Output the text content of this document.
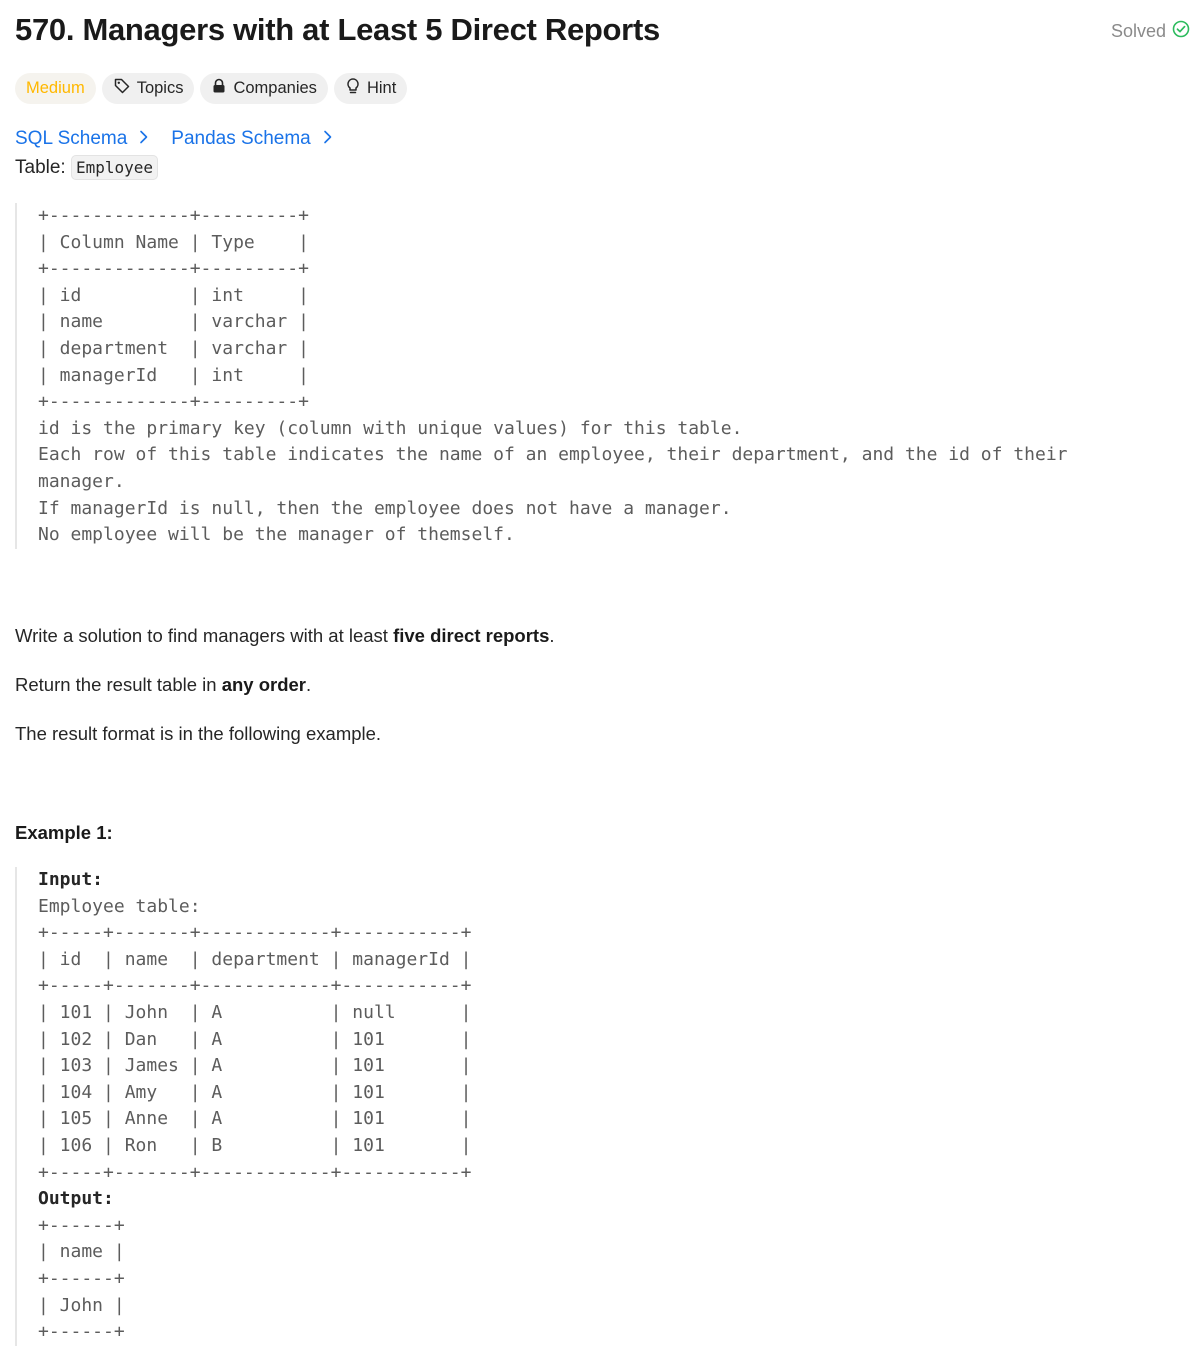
570. Managers with at Least 5 Direct Reports	Solved
Medium	Topics	Companies	Hint
SQL Schema Pandas Schema
Table: Employee
+-------------+---------+
| Column Name | Type    |
+-------------+---------+
| id          | int     |
| name        | varchar |
| department  | varchar |
| managerId   | int     |
+-------------+---------+
id is the primary key (column with unique values) for this table.
Each row of this table indicates the name of an employee, their department, and the id of their
manager.
If managerId is null, then the employee does not have a manager.
No employee will be the manager of themself.

Write a solution to find managers with at least five direct reports.

Return the result table in any order.

The result format is in the following example.

Example 1:
Input:
Employee table:
+-----+-------+------------+-----------+
| id  | name  | department | managerId |
+-----+-------+------------+-----------+
| 101 | John  | A          | null      |
| 102 | Dan   | A          | 101       |
| 103 | James | A          | 101       |
| 104 | Amy   | A          | 101       |
| 105 | Anne  | A          | 101       |
| 106 | Ron   | B          | 101       |
+-----+-------+------------+-----------+
Output:
+------+
| name |
+------+
| John |
+------+
